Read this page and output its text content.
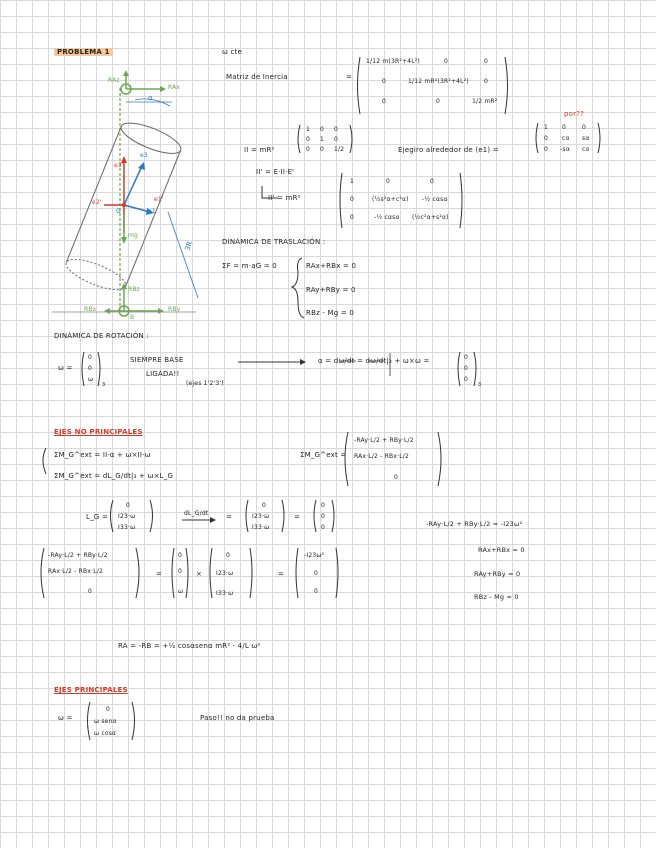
PROBLEMA 1	ω cte
Matriz de Inercia	=
1/12 m(3R²+4L²)	0	0
0	1/12 mR²(3R²+4L²)	0
0	0	1/2 mR²
por??
RAz
RAx
α
e3'
e2'	e1'
e3
e1
G
mg
3R
RBz
RBx	RBy
B
II = mR²
1 0 0
0 1 0
0 0 1/2	Ejegiro alrededor de (e1) =
1 0	0
0 cα sα
0 -sα cα
II' = E·II·Eᵗ
II' = mR²
1	0	0
0	(½s²α+c²α) -½ cαsα
0	-½ cαsα (½c²α+s²α)
DINÁMICA DE TRASLACIÓN :
ΣF = m·aG = 0	RAx+RBx = 0
RAy+RBy = 0
RBz - Mg = 0
DINÁMICA DE ROTACIÓN :
ω =
0
0
ω
3
SIEMPRE BASE
LIGADA!!
(ejes 1'2'3')
α = dω/dt = dω/dt|₃ + ω×ω =	0
0
0
3
EJES NO PRINCIPALES
ΣM_G^ext = II·α + ω×II·ω
ΣM_G^ext = dL_G/dt|₃ + ω×L_G
ΣM_G^ext =
-RAy·L/2 + RBy·L/2
RAx·L/2 - RBx·L/2
0
L_G =
0
I23·ω
I33·ω
dL_G/dt	=
0
I23·ω̇
I33·ω̇
=
0
0
0
-RAy·L/2 + RBy·L/2
RAx·L/2 - RBx·L/2
0
=
0
0
ω
×
0
I23·ω
I33·ω
=
-I23ω²
0
0
-RAy·L/2 + RBy·L/2 = -I23ω²
RAx+RBx = 0
RAy+RBy = 0
RBz - Mg = 0
RA = -RB = +½ cosαsenα mR² · 4/L ω²
EJES PRINCIPALES
ω =
0
ω senα
ω cosα
Paso!! no da prueba
